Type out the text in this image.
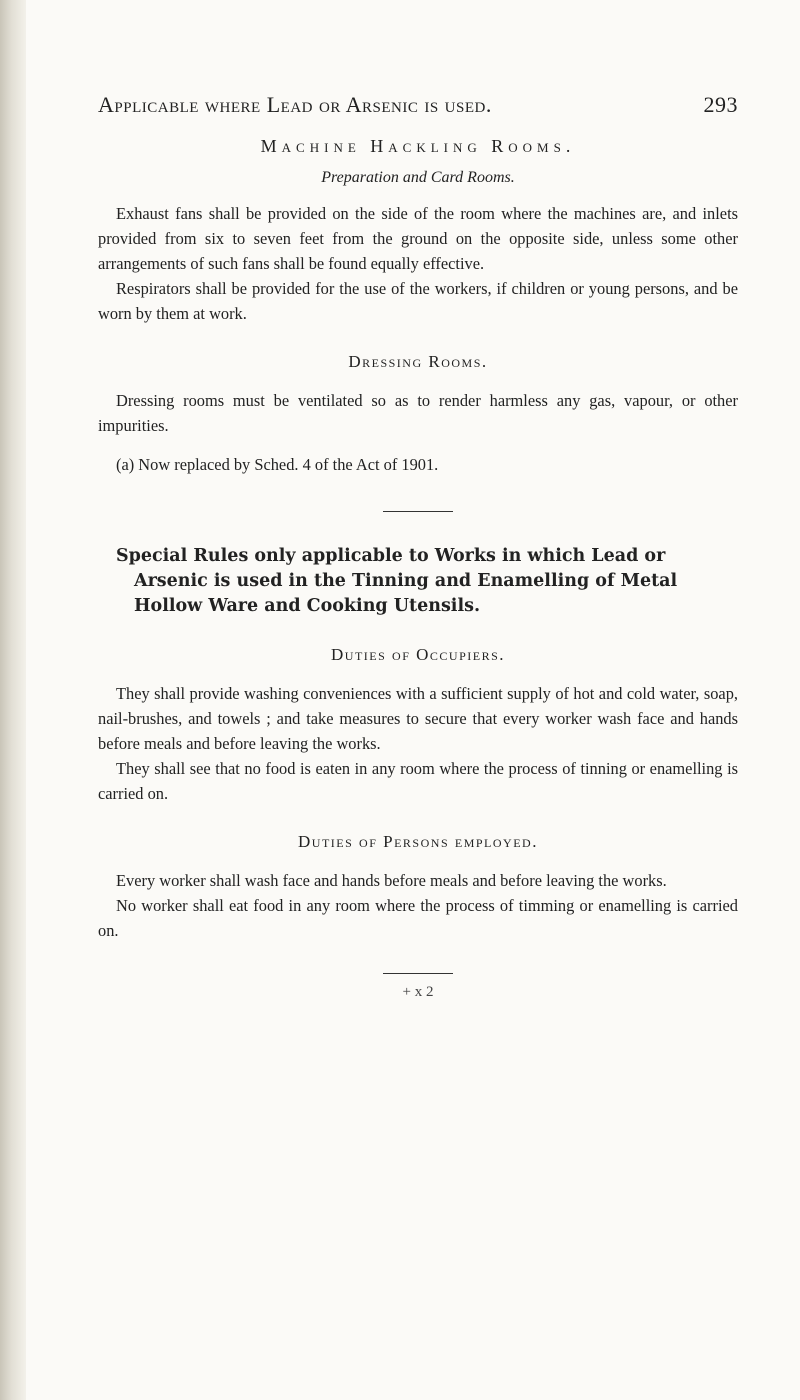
Applicable where Lead or Arsenic is used.	293
Machine Hackling Rooms.
Preparation and Card Rooms.

Exhaust fans shall be provided on the side of the room where the machines are, and inlets provided from six to seven feet from the ground on the opposite side, unless some other arrangements of such fans shall be found equally effective.

Respirators shall be provided for the use of the workers, if children or young persons, and be worn by them at work.

Dressing Rooms.

Dressing rooms must be ventilated so as to render harmless any gas, vapour, or other impurities.

(a) Now replaced by Sched. 4 of the Act of 1901.

Special Rules only applicable to Works in which Lead or Arsenic is used in the Tinning and Enamelling of Metal Hollow Ware and Cooking Utensils.
Duties of Occupiers.

They shall provide washing conveniences with a sufficient supply of hot and cold water, soap, nail-brushes, and towels ; and take measures to secure that every worker wash face and hands before meals and before leaving the works.

They shall see that no food is eaten in any room where the process of tinning or enamelling is carried on.

Duties of Persons employed.

Every worker shall wash face and hands before meals and before leaving the works.

No worker shall eat food in any room where the process of timming or enamelling is carried on.

+ x 2
